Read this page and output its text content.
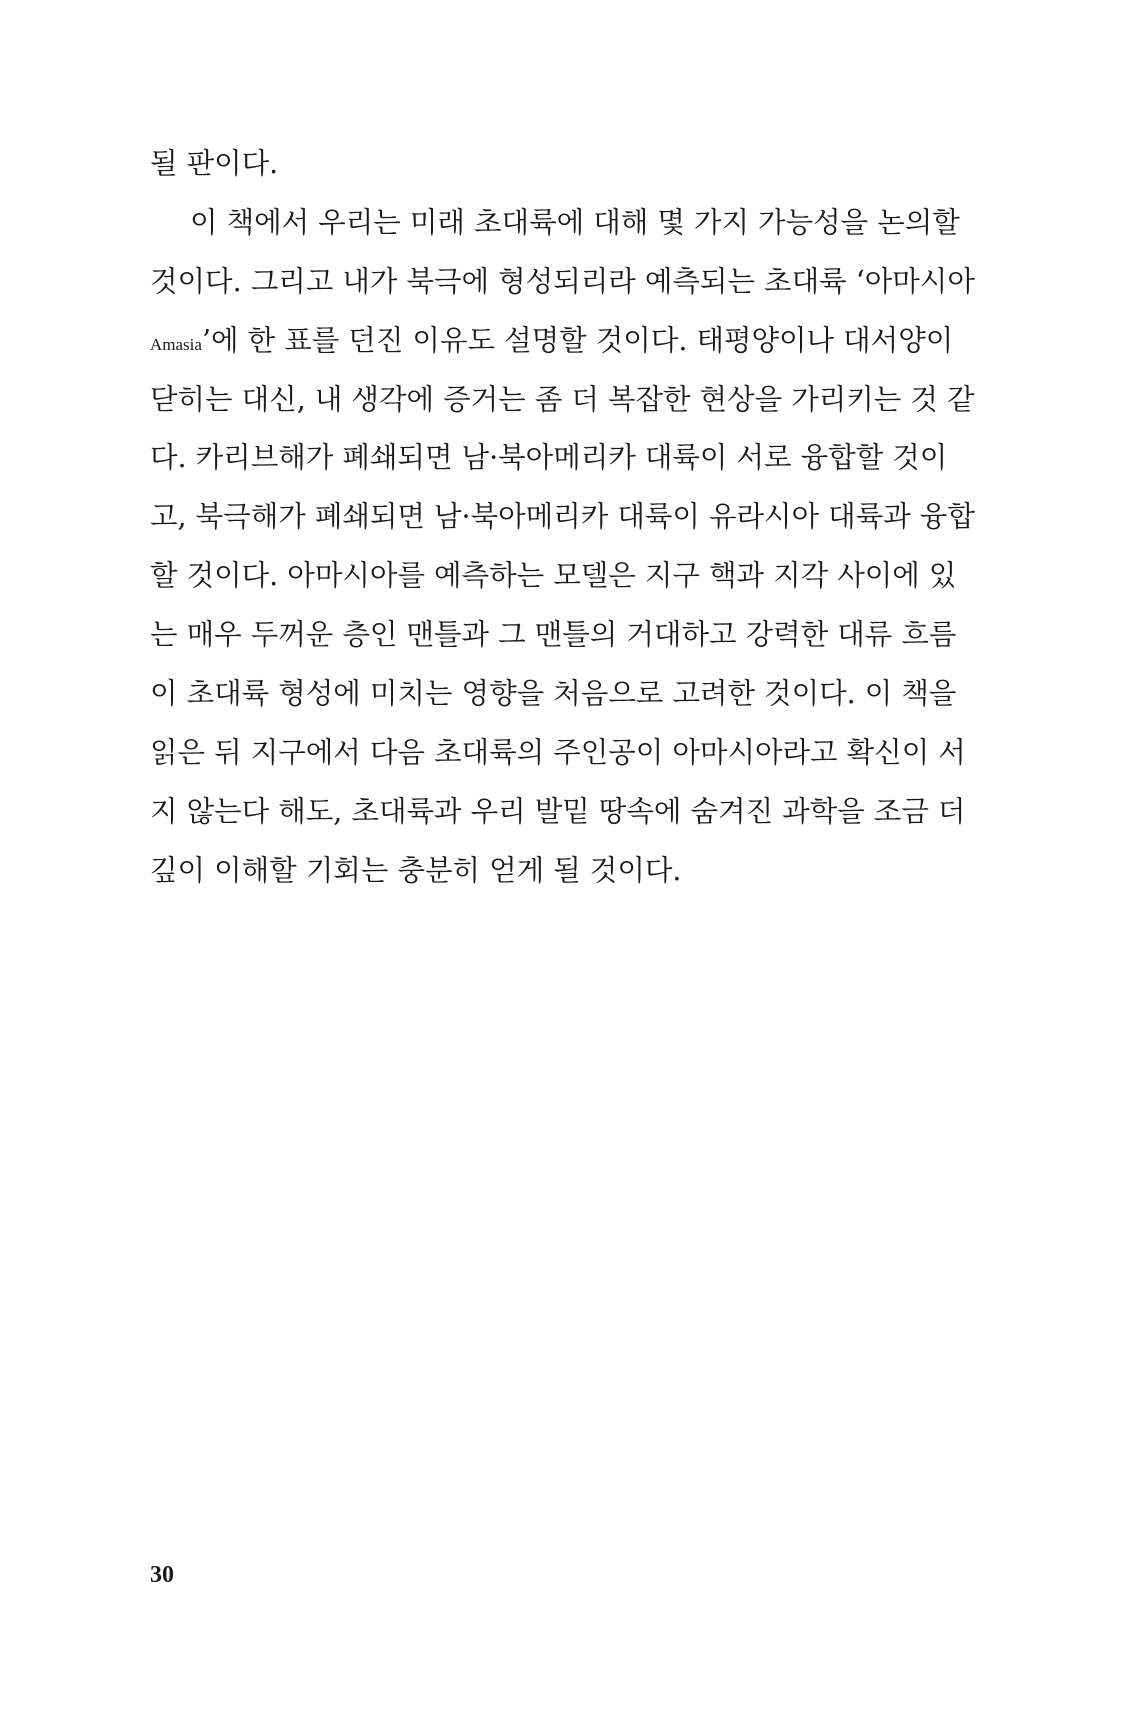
될 판이다.
이 책에서 우리는 미래 초대륙에 대해 몇 가지 가능성을 논의할
것이다. 그리고 내가 북극에 형성되리라 예측되는 초대륙 ‘아마시아
Amasia’에 한 표를 던진 이유도 설명할 것이다. 태평양이나 대서양이
닫히는 대신, 내 생각에 증거는 좀 더 복잡한 현상을 가리키는 것 같
다. 카리브해가 폐쇄되면 남·북아메리카 대륙이 서로 융합할 것이
고, 북극해가 폐쇄되면 남·북아메리카 대륙이 유라시아 대륙과 융합
할 것이다. 아마시아를 예측하는 모델은 지구 핵과 지각 사이에 있
는 매우 두꺼운 층인 맨틀과 그 맨틀의 거대하고 강력한 대류 흐름
이 초대륙 형성에 미치는 영향을 처음으로 고려한 것이다. 이 책을
읽은 뒤 지구에서 다음 초대륙의 주인공이 아마시아라고 확신이 서
지 않는다 해도, 초대륙과 우리 발밑 땅속에 숨겨진 과학을 조금 더
깊이 이해할 기회는 충분히 얻게 될 것이다.
30
